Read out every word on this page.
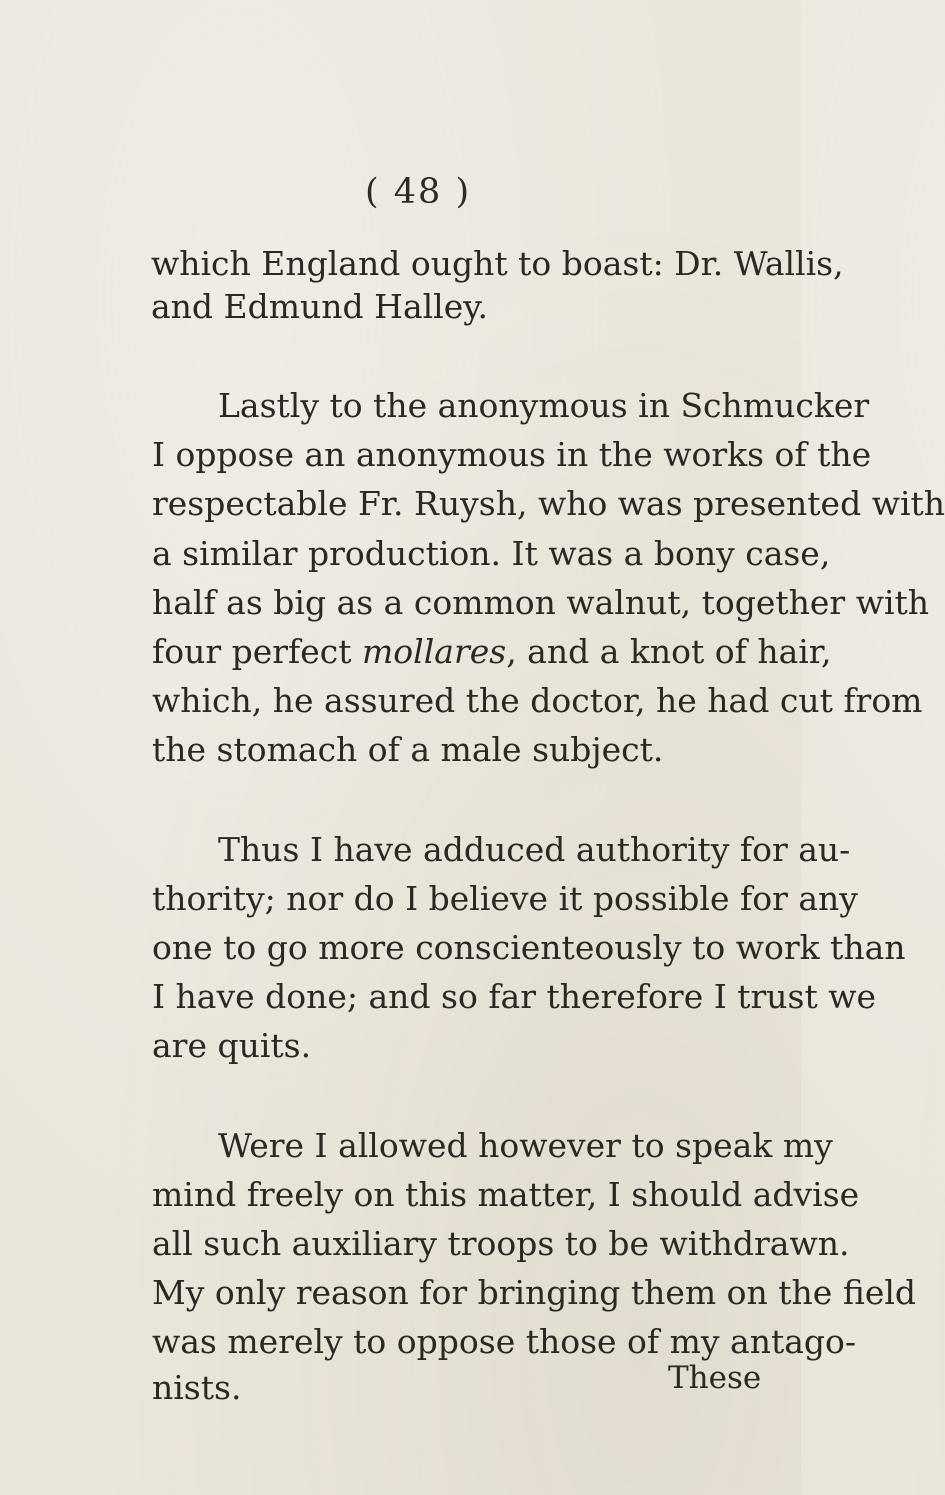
( 48 )
which England ought to boast: Dr. Wallis,
and Edmund Halley.
Lastly to the anonymous in Schmucker
I oppose an anonymous in the works of the
respectable Fr. Ruysh, who was presented with
a similar production. It was a bony case,
half as big as a common walnut, together with
four perfect mollares, and a knot of hair,
which, he assured the doctor, he had cut from
the stomach of a male subject.
Thus I have adduced authority for au-
thority; nor do I believe it possible for any
one to go more conscienteously to work than
I have done; and so far therefore I trust we
are quits.
Were I allowed however to speak my
mind freely on this matter, I should advise
all such auxiliary troops to be withdrawn.
My only reason for bringing them on the field
was merely to oppose those of my antago-
nists.	These
